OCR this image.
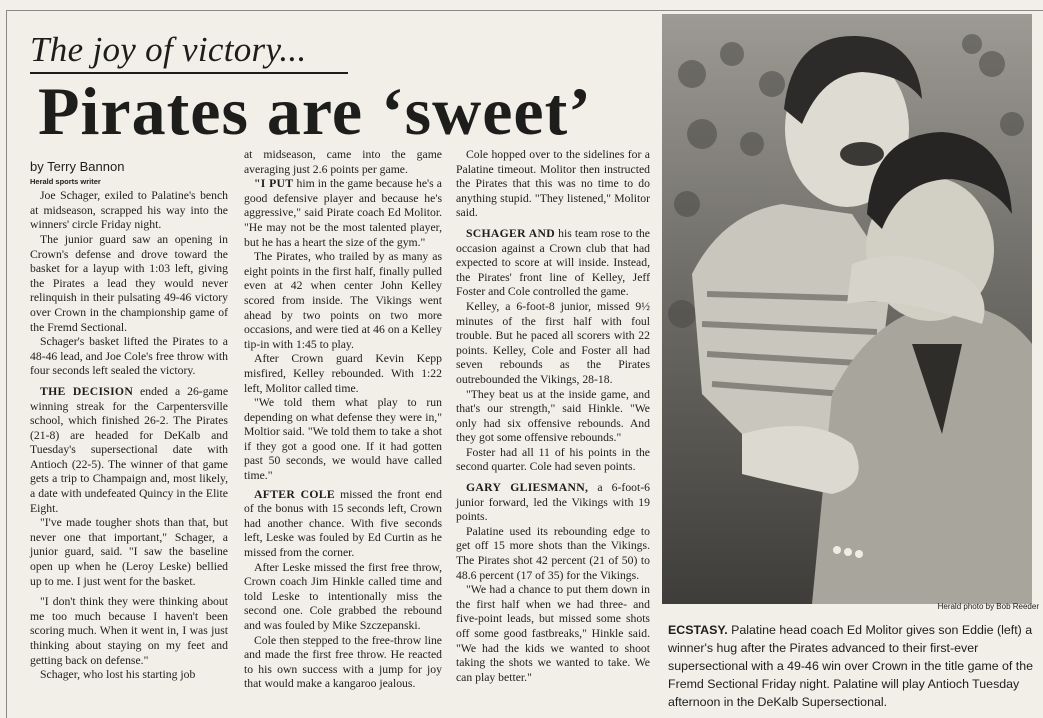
The joy of victory...
Pirates are ‘sweet’

by Terry Bannon

Herald sports writer

Joe Schager, exiled to Palatine's bench at midseason, scrapped his way into the winners' circle Friday night.

The junior guard saw an opening in Crown's defense and drove toward the basket for a layup with 1:03 left, giving the Pirates a lead they would never relinquish in their pulsating 49-46 victory over Crown in the championship game of the Fremd Sectional.

Schager's basket lifted the Pirates to a 48-46 lead, and Joe Cole's free throw with four seconds left sealed the victory.

THE DECISION ended a 26-game winning streak for the Carpentersville school, which finished 26-2. The Pirates (21-8) are headed for DeKalb and Tuesday's supersectional date with Antioch (22-5). The winner of that game gets a trip to Champaign and, most likely, a date with undefeated Quincy in the Elite Eight.

"I've made tougher shots than that, but never one that important," Schager, a junior guard, said. "I saw the baseline open up when he (Leroy Leske) bellied up to me. I just went for the basket.

"I don't think they were thinking about me too much because I haven't been scoring much. When it went in, I was just thinking about staying on my feet and getting back on defense."

Schager, who lost his starting job

at midseason, came into the game averaging just 2.6 points per game.

"I PUT him in the game because he's a good defensive player and because he's aggressive," said Pirate coach Ed Molitor. "He may not be the most talented player, but he has a heart the size of the gym."

The Pirates, who trailed by as many as eight points in the first half, finally pulled even at 42 when center John Kelley scored from inside. The Vikings went ahead by two points on two more occasions, and were tied at 46 on a Kelley tip-in with 1:45 to play.

After Crown guard Kevin Kepp misfired, Kelley rebounded. With 1:22 left, Molitor called time.

"We told them what play to run depending on what defense they were in," Moltior said. "We told them to take a shot if they got a good one. If it had gotten past 50 seconds, we would have called time."

AFTER COLE missed the front end of the bonus with 15 seconds left, Crown had another chance. With five seconds left, Leske was fouled by Ed Curtin as he missed from the corner.

After Leske missed the first free throw, Crown coach Jim Hinkle called time and told Leske to intentionally miss the second one. Cole grabbed the rebound and was fouled by Mike Szczepanski.

Cole then stepped to the free-throw line and made the first free throw. He reacted to his own success with a jump for joy that would make a kangaroo jealous.

Cole hopped over to the sidelines for a Palatine timeout. Molitor then instructed the Pirates that this was no time to do anything stupid. "They listened," Molitor said.

SCHAGER AND his team rose to the occasion against a Crown club that had expected to score at will inside. Instead, the Pirates' front line of Kelley, Jeff Foster and Cole controlled the game.

Kelley, a 6-foot-8 junior, missed 9½ minutes of the first half with foul trouble. But he paced all scorers with 22 points. Kelley, Cole and Foster all had seven rebounds as the Pirates outrebounded the Vikings, 28-18.

"They beat us at the inside game, and that's our strength," said Hinkle. "We only had six offensive rebounds. And they got some offensive rebounds."

Foster had all 11 of his points in the second quarter. Cole had seven points.

GARY GLIESMANN, a 6-foot-6 junior forward, led the Vikings with 19 points.

Palatine used its rebounding edge to get off 15 more shots than the Vikings. The Pirates shot 42 percent (21 of 50) to 48.6 percent (17 of 35) for the Vikings.

"We had a chance to put them down in the first half when we had three- and five-point leads, but missed some shots off some good fastbreaks," Hinkle said. "We had the kids we wanted to shoot taking the shots we wanted to take. We can play better."

Herald photo by Bob Reeder
ECSTASY. Palatine head coach Ed Molitor gives son Eddie (left) a winner's hug after the Pirates advanced to their first-ever supersectional with a 49-46 win over Crown in the title game of the Fremd Sectional Friday night. Palatine will play Antioch Tuesday afternoon in the DeKalb Supersectional.
